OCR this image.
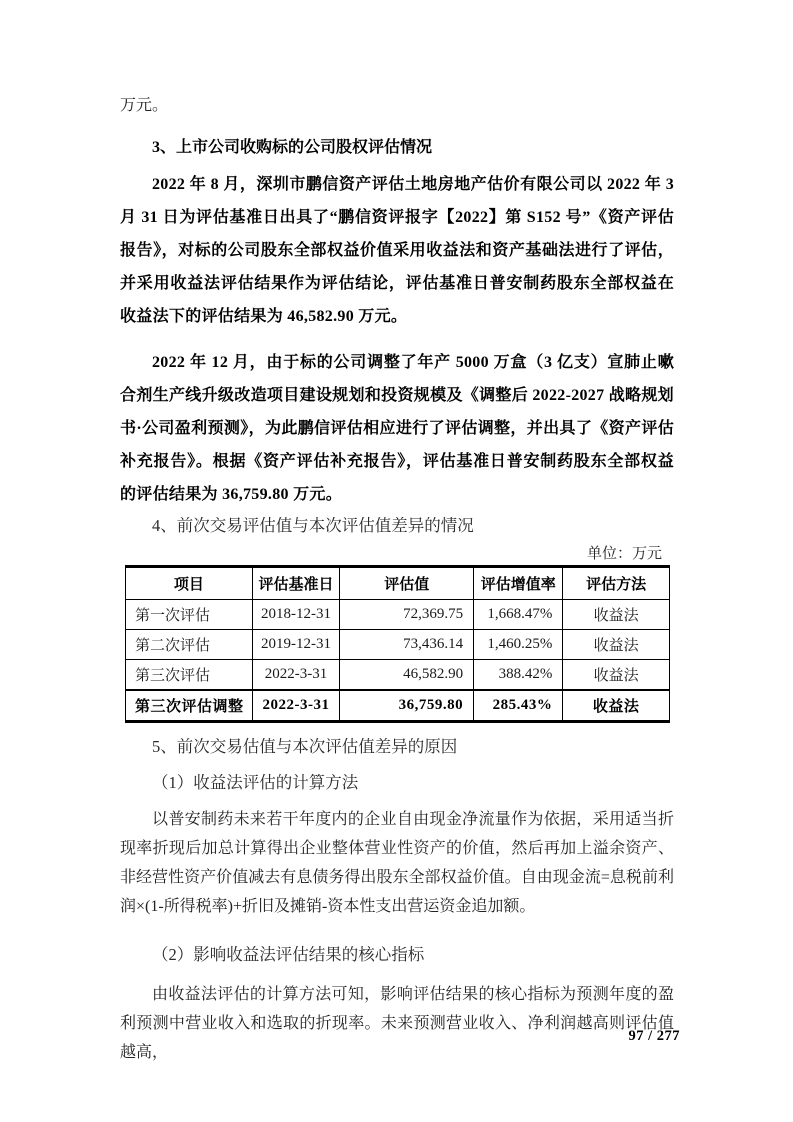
万元。

3、上市公司收购标的公司股权评估情况

2022 年 8 月，深圳市鹏信资产评估土地房地产估价有限公司以 2022 年 3 月 31 日为评估基准日出具了“鹏信资评报字【2022】第 S152 号”《资产评估报告》，对标的公司股东全部权益价值采用收益法和资产基础法进行了评估，并采用收益法评估结果作为评估结论，评估基准日普安制药股东全部权益在收益法下的评估结果为 46,582.90 万元。

2022 年 12 月，由于标的公司调整了年产 5000 万盒（3 亿支）宣肺止嗽合剂生产线升级改造项目建设规划和投资规模及《调整后 2022-2027 战略规划书·公司盈利预测》，为此鹏信评估相应进行了评估调整，并出具了《资产评估补充报告》。根据《资产评估补充报告》，评估基准日普安制药股东全部权益的评估结果为 36,759.80 万元。

4、前次交易评估值与本次评估值差异的情况

单位：万元
项目	评估基准日	评估值	评估增值率	评估方法
第一次评估	2018-12-31	72,369.75	1,668.47%	收益法
第二次评估	2019-12-31	73,436.14	1,460.25%	收益法
第三次评估	2022-3-31	46,582.90	388.42%	收益法
第三次评估调整	2022-3-31	36,759.80	285.43%	收益法

5、前次交易估值与本次评估值差异的原因

（1）收益法评估的计算方法

以普安制药未来若干年度内的企业自由现金净流量作为依据，采用适当折现率折现后加总计算得出企业整体营业性资产的价值，然后再加上溢余资产、非经营性资产价值减去有息债务得出股东全部权益价值。自由现金流=息税前利润×(1-所得税率)+折旧及摊销-资本性支出营运资金追加额。

（2）影响收益法评估结果的核心指标

由收益法评估的计算方法可知，影响评估结果的核心指标为预测年度的盈利预测中营业收入和选取的折现率。未来预测营业收入、净利润越高则评估值越高，

97 / 277
